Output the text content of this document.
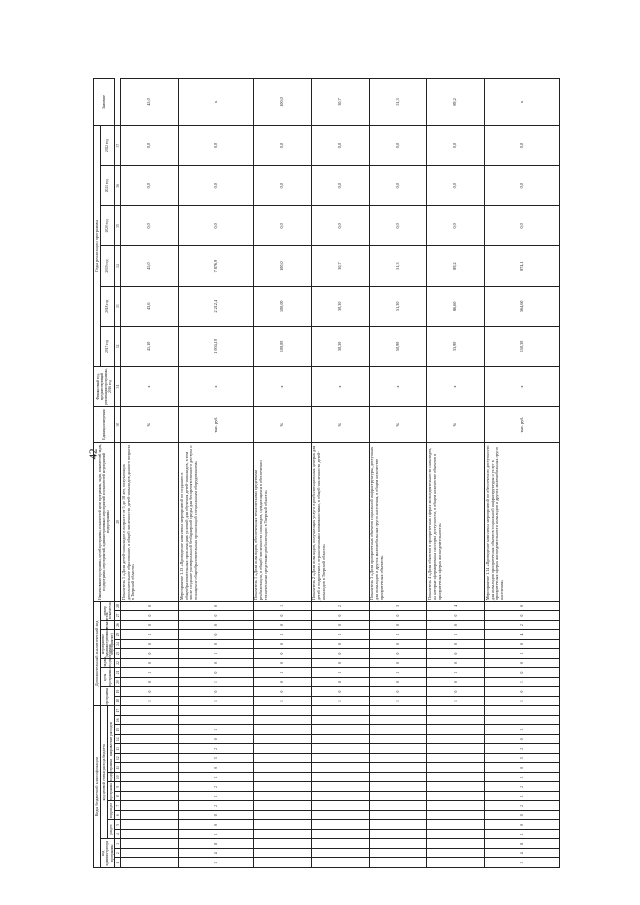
42
Коды бюджетной классификации																	Дополнительный аналитический код											Наименование программы, целей программы, показателей цели программы, задач, показателей задач, подпрограмм, мероприятий, административных мероприятий и показателей мероприятий подпрограммы	Единица измерения	Финансовый год, предшествующий реализации программы, 2016 год	Годы реализации программы						Значение
код администратора программы			код целевой статьи расхода бюджета														программа		цель программы		задача подпрограммы	мероприятие (административное мероприятие)			показатель	номер показателя					2017 год	2018 год	2019 год	2020 год	2021 год	2022 год	
			раздел		подраздел		программа		подпрограмма	направление расходов																											
1	2	3	4	5	6	7	8	9	10	11	12	13	14	15	16	17	18	19	20	21	22	23	24	25	26	27	28	29	30	31	32	33	34	35	36	37	
																	1	0	0	1	0	0	0	1	0	0	0	Показатель 1 «Доля детей-инвалидов в возрасте от 5 до 18 лет, получающих дополнительное образование, в общей численности детей-инвалидов данного возраста в Тверской области»	%	х	41,10	43,6	45,0	0,0	0,0	0,0	45,0
1	4	8	1	0	0	2	1	2	1	0	3	2	0	1			1	0	1	0	0	1	0	0	0	0	0	Мероприятие 1.13 «Проведение комплекса мероприятий по созданию в общеобразовательных организациях условий для обучения детей-инвалидов, в том числе создание универсальной безбарьерной среды для беспрепятственного доступа и оснащение общеобразовательных организаций специальным оборудованием»	тыс. руб.	х	1 004,10	2 212,4	7 876,9	0,0	0,0	0,0	х
																	1	0	0	1	0	0	0	1	0	0	1	Показатель 1 «Доля инвалидов, обеспеченных техническими средствами реабилитации, в общей численности инвалидов, нуждающихся в обеспечении техническими средствами реабилитации в Тверской области»	%	х	100,00	100,00	100,0	0,0	0,0	0,0	100,0
																	1	0	0	1	0	0	0	1	0	0	2	Показатель 2 «Доля инвалидов, получающих услуги в реабилитационных центрах для детей и подростков с ограниченными возможностями, в общей численности детей-инвалидов в Тверской области»	%	х	30,30	30,30	30,7	0,0	0,0	0,0	30,7
																	1	0	0	1	0	0	0	1	0	0	3	Показатель 3 «Доля приоритетных объектов социальной инфраструктуры, доступных для инвалидов и других маломобильных групп населения, в общем количестве приоритетных объектов»	%	х	50,90	51,30	51,3	0,0	0,0	0,0	51,3
																	1	0	0	1	0	0	0	1	0	0	4	Показатель 4 «Доля объектов в приоритетных сферах жизнедеятельности инвалидов, на которые сформированы паспорта доступности, в общем количестве объектов в приоритетных сферах жизнедеятельности»	%	х	33,90	86,60	89,2	0,0	0,0	0,0	89,2
1	4	8	1	0	0	2	1	2	1	0	3	2	0	1			1	0	1	0	0	1	0	4	2	0	0	Мероприятие 1.14 «Проведение комплекса мероприятий по обеспечению доступности для инвалидов приоритетных объектов социальной инфраструктуры и услуг в приоритетных сферах жизнедеятельности инвалидов и других маломобильных групп населения»	тыс. руб.	х	150,30	564,60	874,1	0,0	0,0	0,0	х
